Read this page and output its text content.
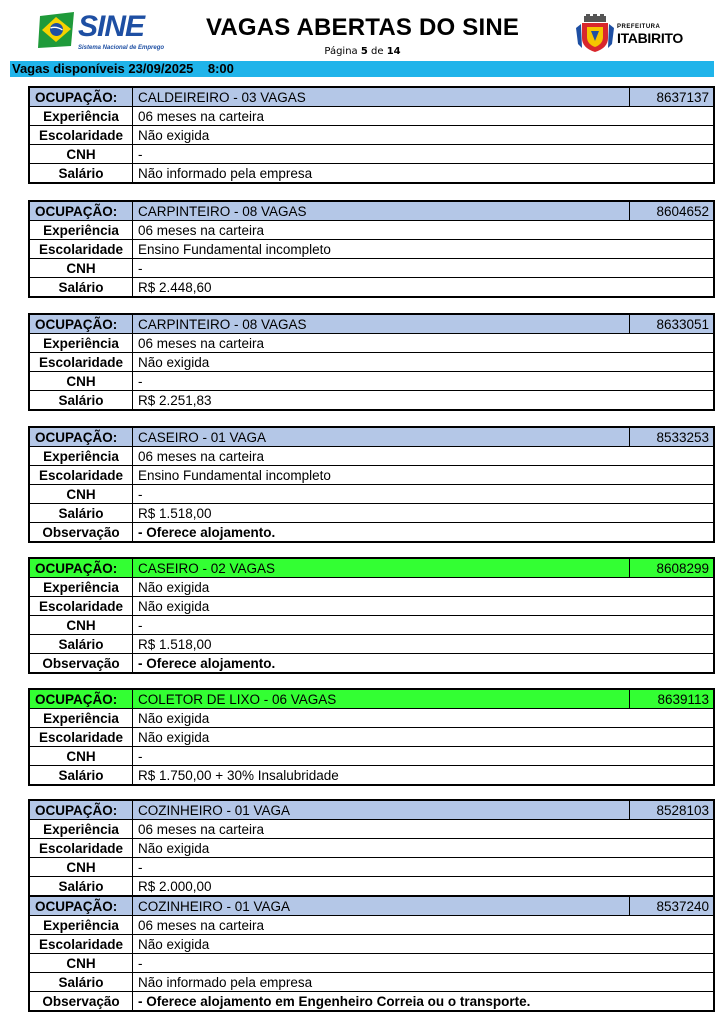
SINE
Sistema Nacional de Emprego
VAGAS ABERTAS DO SINE
Página 5 de 14
PREFEITURA
ITABIRITO
Vagas disponíveis 23/09/2025 8:00
OCUPAÇÃO:	CALDEIREIRO - 03 VAGAS	8637137
Experiência	06 meses na carteira	
Escolaridade	Não exigida	
CNH	-	
Salário	Não informado pela empresa	
OCUPAÇÃO:	CARPINTEIRO - 08 VAGAS	8604652
Experiência	06 meses na carteira	
Escolaridade	Ensino Fundamental incompleto	
CNH	-	
Salário	R$ 2.448,60	
OCUPAÇÃO:	CARPINTEIRO - 08 VAGAS	8633051
Experiência	06 meses na carteira	
Escolaridade	Não exigida	
CNH	-	
Salário	R$ 2.251,83	
OCUPAÇÃO:	CASEIRO - 01 VAGA	8533253
Experiência	06 meses na carteira	
Escolaridade	Ensino Fundamental incompleto	
CNH	-	
Salário	R$ 1.518,00	
Observação	- Oferece alojamento.	
OCUPAÇÃO:	CASEIRO - 02 VAGAS	8608299
Experiência	Não exigida	
Escolaridade	Não exigida	
CNH	-	
Salário	R$ 1.518,00	
Observação	- Oferece alojamento.	
OCUPAÇÃO:	COLETOR DE LIXO - 06 VAGAS	8639113
Experiência	Não exigida	
Escolaridade	Não exigida	
CNH	-	
Salário	R$ 1.750,00 + 30% Insalubridade	
OCUPAÇÃO:	COZINHEIRO - 01 VAGA	8528103
Experiência	06 meses na carteira	
Escolaridade	Não exigida	
CNH	-	
Salário	R$ 2.000,00	
OCUPAÇÃO:	COZINHEIRO - 01 VAGA	8537240
Experiência	06 meses na carteira	
Escolaridade	Não exigida	
CNH	-	
Salário	Não informado pela empresa	
Observação	- Oferece alojamento em Engenheiro Correia ou o transporte.	
